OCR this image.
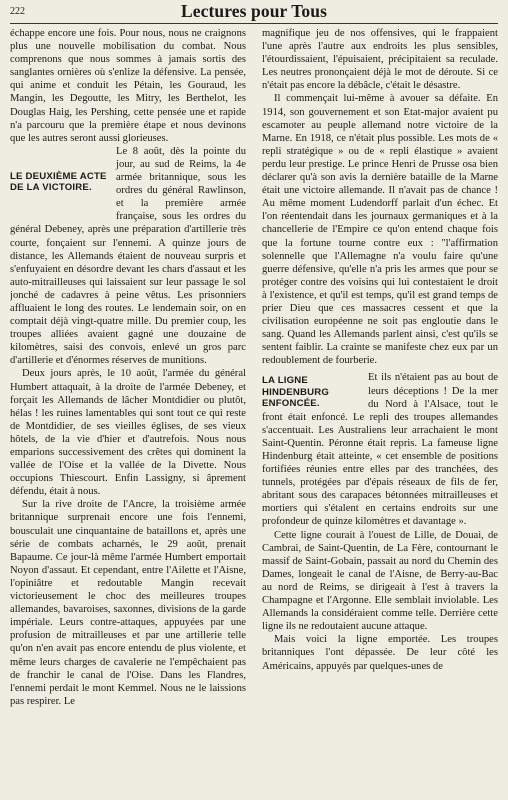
222	Lectures pour Tous

échappe encore une fois. Pour nous, nous ne craignons plus une nouvelle mobilisation du combat. Nous comprenons que nous sommes à jamais sortis des sanglantes ornières où s'enlize la défensive. La pensée, qui anime et conduit les Pétain, les Gouraud, les Mangin, les Degoutte, les Mitry, les Berthelot, les Douglas Haig, les Pershing, cette pensée une et rapide n'a parcouru que la première étape et nous devinons que les autres seront aussi glorieuses.

LE DEUXIÈME ACTE DE LA VICTOIRE.

Le 8 août, dès la pointe du jour, au sud de Reims, la 4e armée britannique, sous les ordres du général Rawlinson, et la première armée française, sous les ordres du général Debeney, après une préparation d'artillerie très courte, fonçaient sur l'ennemi. A quinze jours de distance, les Allemands étaient de nouveau surpris et s'enfuyaient en désordre devant les chars d'assaut et les auto-mitrailleuses qui laissaient sur leur passage le sol jonché de cadavres à peine vêtus. Les prisonniers affluaient le long des routes. Le lendemain soir, on en comptait déjà vingt-quatre mille. Du premier coup, les troupes alliées avaient gagné une douzaine de kilomètres, saisi des convois, enlevé un gros parc d'artillerie et d'énormes réserves de munitions.

Deux jours après, le 10 août, l'armée du général Humbert attaquait, à la droite de l'armée Debeney, et forçait les Allemands de lâcher Montdidier ou plutôt, hélas ! les ruines lamentables qui sont tout ce qui reste de Montdidier, de ses vieilles églises, de ses vieux hôtels, de la vie d'hier et d'autrefois. Nous nous emparions successivement des crêtes qui dominent la vallée de l'Oise et la vallée de la Divette. Nous occupions Thiescourt. Enfin Lassigny, si âprement défendu, était à nous.

Sur la rive droite de l'Ancre, la troisième armée britannique surprenait encore une fois l'ennemi, bousculait une cinquantaine de bataillons et, après une série de combats acharnés, le 29 août, prenait Bapaume. Ce jour-là même l'armée Humbert emportait Noyon d'assaut. Et cependant, entre l'Ailette et l'Aisne, l'opiniâtre et redoutable Mangin recevait victorieusement le choc des meilleures troupes allemandes, bavaroises, saxonnes, divisions de la garde impériale. Leurs contre-attaques, appuyées par une profusion de mitrailleuses et par une artillerie telle qu'on n'en avait pas encore entendu de plus violente, et même leurs charges de cavalerie ne l'empêchaient pas de franchir le canal de l'Oise. Dans les Flandres, l'ennemi perdait le mont Kemmel. Nous ne le laissions pas respirer. Le

magnifique jeu de nos offensives, qui le frappaient l'une après l'autre aux endroits les plus sensibles, l'étourdissaient, l'épuisaient, précipitaient sa reculade. Les neutres prononçaient déjà le mot de déroute. Si ce n'était pas encore la débâcle, c'était le désastre.

Il commençait lui-même à avouer sa défaite. En 1914, son gouvernement et son Etat-major avaient pu escamoter au peuple allemand notre victoire de la Marne. En 1918, ce n'était plus possible. Les mots de « repli stratégique » ou de « repli élastique » avaient perdu leur prestige. Le prince Henri de Prusse osa bien déclarer qu'à son avis la dernière bataille de la Marne était une victoire allemande. Il n'avait pas de chance ! Au même moment Ludendorff parlait d'un échec. Et l'on réentendait dans les journaux germaniques et à la chancellerie de l'Empire ce qu'on entend chaque fois que la fortune tourne contre eux : "l'affirmation solennelle que l'Allemagne n'a voulu faire qu'une guerre défensive, qu'elle n'a pris les armes que pour se protéger contre des voisins qui lui contestaient le droit à l'existence, et qu'il est temps, qu'il est grand temps de prier Dieu que ces massacres cessent et que la civilisation européenne ne soit pas engloutie dans le sang. Quand les Allemands parlent ainsi, c'est qu'ils se sentent faiblir. La crainte se manifeste chez eux par un redoublement de fourberie.

LA LIGNE HINDENBURG ENFONCÉE.

Et ils n'étaient pas au bout de leurs déceptions ! De la mer du Nord à l'Alsace, tout le front était enfoncé. Le repli des troupes allemandes s'accentuait. Les Australiens leur arrachaient le mont Saint-Quentin. Péronne était repris. La fameuse ligne Hindenburg était atteinte, « cet ensemble de positions fortifiées réunies entre elles par des tranchées, des tunnels, protégées par d'épais réseaux de fils de fer, abritant sous des carapaces bétonnées mitrailleuses et mortiers qui s'étalent en certains endroits sur une profondeur de quinze kilomètres et davantage ».

Cette ligne courait à l'ouest de Lille, de Douai, de Cambrai, de Saint-Quentin, de La Fère, contournant le massif de Saint-Gobain, passait au nord du Chemin des Dames, longeait le canal de l'Aisne, de Berry-au-Bac au nord de Reims, se dirigeait à l'est à travers la Champagne et l'Argonne. Elle semblait inviolable. Les Allemands la considéraient comme telle. Derrière cette ligne ils ne redoutaient aucune attaque.

Mais voici la ligne emportée. Les troupes britanniques l'ont dépassée. De leur côté les Américains, appuyés par quelques-unes de
